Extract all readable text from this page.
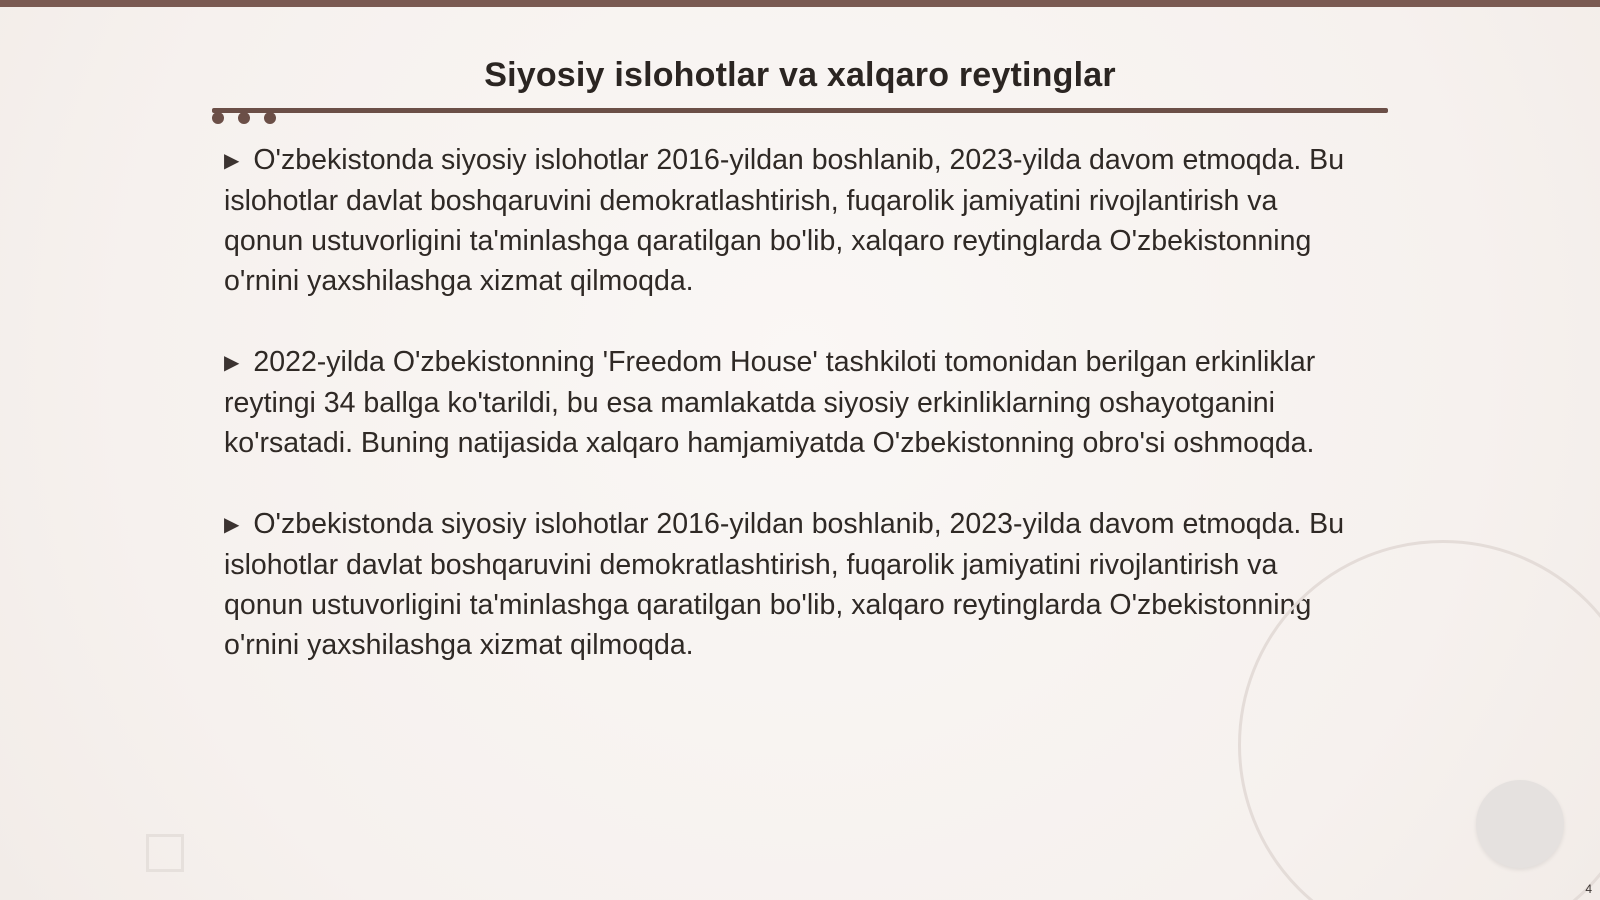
Siyosiy islohotlar va xalqaro reytinglar

▶ O'zbekistonda siyosiy islohotlar 2016-yildan boshlanib, 2023-yilda davom etmoqda. Bu islohotlar davlat boshqaruvini demokratlashtirish, fuqarolik jamiyatini rivojlantirish va qonun ustuvorligini ta'minlashga qaratilgan bo'lib, xalqaro reytinglarda O'zbekistonning o'rnini yaxshilashga xizmat qilmoqda.

▶ 2022-yilda O'zbekistonning 'Freedom House' tashkiloti tomonidan berilgan erkinliklar reytingi 34 ballga ko'tarildi, bu esa mamlakatda siyosiy erkinliklarning oshayotganini ko'rsatadi. Buning natijasida xalqaro hamjamiyatda O'zbekistonning obro'si oshmoqda.

▶ O'zbekistonda siyosiy islohotlar 2016-yildan boshlanib, 2023-yilda davom etmoqda. Bu islohotlar davlat boshqaruvini demokratlashtirish, fuqarolik jamiyatini rivojlantirish va qonun ustuvorligini ta'minlashga qaratilgan bo'lib, xalqaro reytinglarda O'zbekistonning o'rnini yaxshilashga xizmat qilmoqda.

4
